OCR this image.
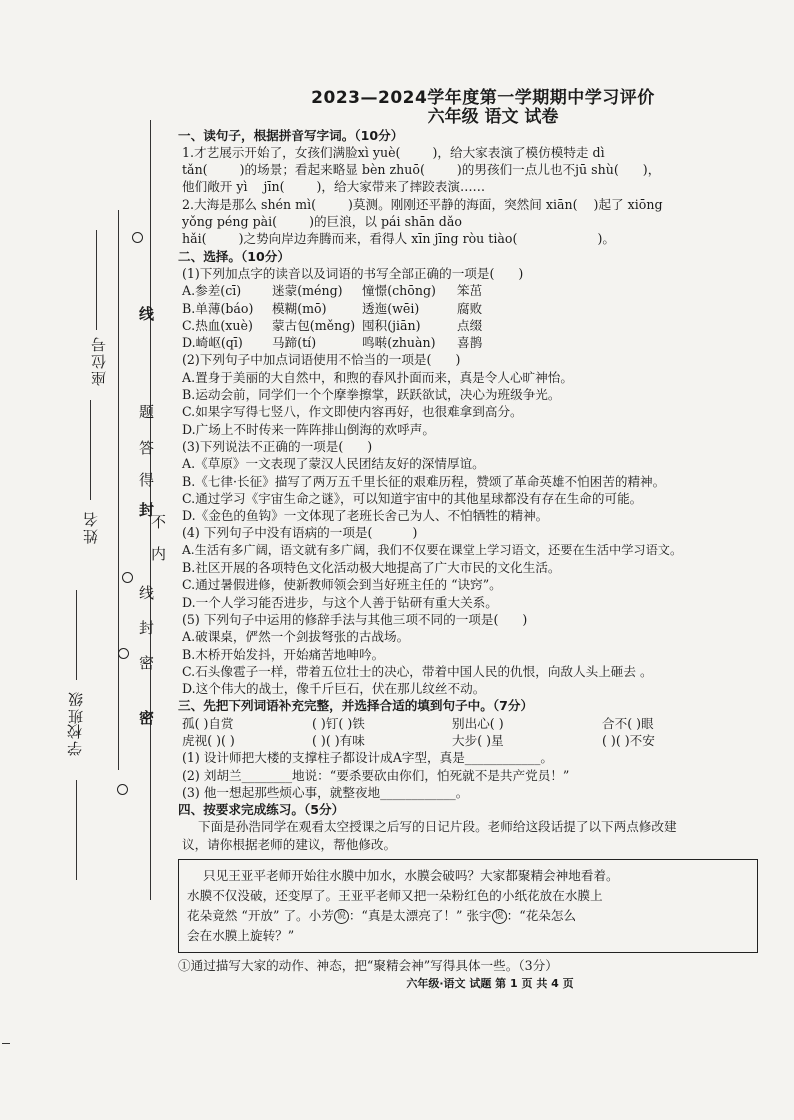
线
题
答
得
封
不
内
线
封
密
密
座位号
姓名
班级
学校
2023—2024学年度第一学期期中学习评价
六年级 语文 试卷
一、读句子，根据拼音写字词。（10分）
1.才艺展示开始了，女孩们满脸xì yuè(        )，给大家表演了模仿模特走 dì
tǎn(        )的场景；看起来略显 bèn zhuō(        )的男孩们一点儿也不jū shù(      )，
他们敞开 yì    jīn(        )，给大家带来了摔跤表演……
2.大海是那么 shén mì(        )莫测。刚刚还平静的海面，突然间 xiān(    )起了 xiōng
yǒng péng pài(        )的巨浪，以 pái shān dǎo
hǎi(        )之势向岸边奔腾而来，看得人 xīn jīng ròu tiào(                    )。
二、选择。（10分）
(1)下列加点字的读音以及词语的书写全部正确的一项是(      )
A.参差(cī)	迷蒙(méng)	憧憬(chōng)	笨茁
B.单薄(báo)	模糊(mō)	透迤(wēi)	腐败
C.热血(xuè)	蒙古包(měng) 囤积(jiān)	点缀
D.崎岖(qī)	马蹄(tí)	鸣啭(zhuàn)	喜鹊
(2)下列句子中加点词语使用不恰当的一项是(      )
A.置身于美丽的大自然中，和煦的春风扑面而来，真是令人心旷神怡。
B.运动会前，同学们一个个摩拳擦掌，跃跃欲试，决心为班级争光。
C.如果字写得七竖八，作文即使内容再好，也很难拿到高分。
D.广场上不时传来一阵阵排山倒海的欢呼声。
(3)下列说法不正确的一项是(      )
A.《草原》一文表现了蒙汉人民团结友好的深情厚谊。
B.《七律·长征》描写了两万五千里长征的艰难历程，赞颂了革命英雄不怕困苦的精神。
C.通过学习《宇宙生命之谜》，可以知道宇宙中的其他星球都没有存在生命的可能。
D.《金色的鱼钩》一文体现了老班长舍己为人、不怕牺牲的精神。
(4) 下列句子中没有语病的一项是(          )
A.生活有多广阔，语文就有多广阔，我们不仅要在课堂上学习语文，还要在生活中学习语文。
B.社区开展的各项特色文化活动极大地提高了广大市民的文化生活。
C.通过暑假进修，使新教师领会到当好班主任的 “诀窍”。
D.一个人学习能否进步，与这个人善于钻研有重大关系。
(5) 下列句子中运用的修辞手法与其他三项不同的一项是(      )
A.破课桌，俨然一个剑拔弩张的古战场。
B.木桥开始发抖，开始痛苦地呻吟。
C.石头像雹子一样，带着五位壮士的决心，带着中国人民的仇恨，向敌人头上砸去 。
D.这个伟大的战士，像千斤巨石，伏在那儿纹丝不动。
三、先把下列词语补充完整，并选择合适的填到句子中。（7分）
孤( )自赏	( )钉( )铁	别出心( )	合不( )眼
虎视( )( )	( )( )有味	大步( )星	( )( )不安
(1) 设计师把大楼的支撑柱子都设计成A字型，真是____________。
(2) 刘胡兰________地说：“要杀要砍由你们，怕死就不是共产党员！”
(3) 他一想起那些烦心事，就整夜地____________。
四、按要求完成练习。（5分）
下面是孙浩同学在观看太空授课之后写的日记片段。老师给这段话提了以下两点修改建
议，请你根据老师的建议，帮他修改。
只见王亚平老师开始往水膜中加水，水膜会破吗？大家都聚精会神地看着。
水膜不仅没破，还变厚了。王亚平老师又把一朵粉红色的小纸花放在水膜上
花朵竟然 “开放” 了。小芳 说 ：“真是太漂亮了！” 张宇 说 ：“花朵怎么
会在水膜上旋转？”
①通过描写大家的动作、神态，把“聚精会神”写得具体一些。（3分）
六年级·语文 试题 第 1 页 共 4 页
